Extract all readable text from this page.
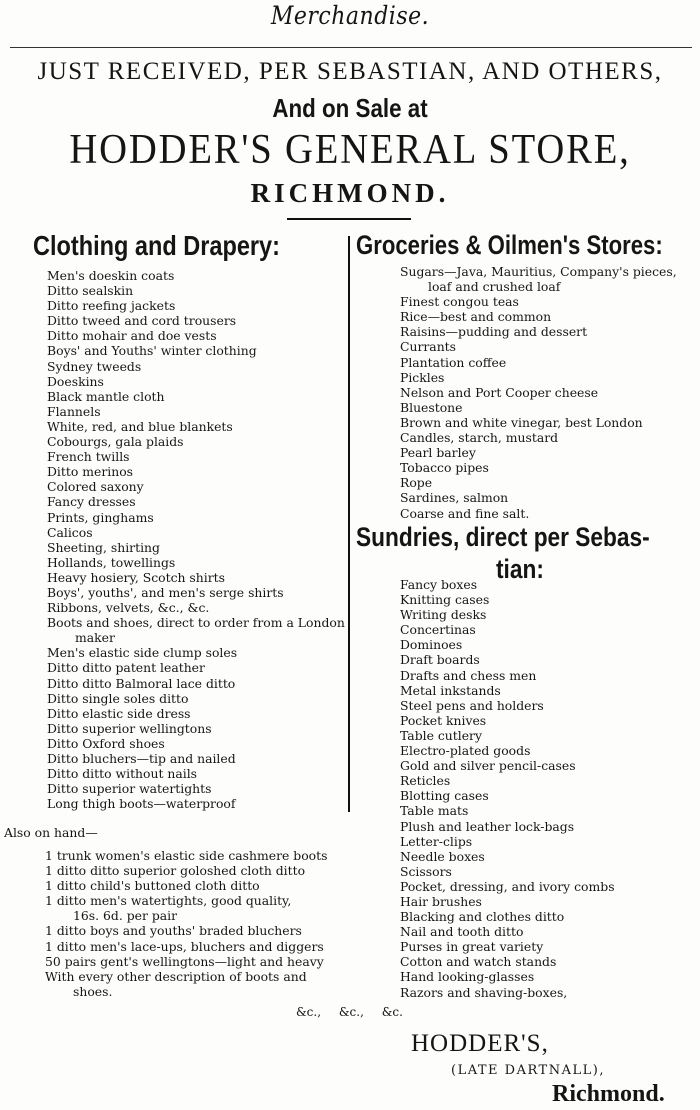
Merchandise.
JUST RECEIVED, PER SEBASTIAN, AND OTHERS,
And on Sale at
HODDER'S GENERAL STORE,
RICHMOND.
Clothing and Drapery:
Men's doeskin coats
Ditto sealskin
Ditto reefing jackets
Ditto tweed and cord trousers
Ditto mohair and doe vests
Boys' and Youths' winter clothing
Sydney tweeds
Doeskins
Black mantle cloth
Flannels
White, red, and blue blankets
Cobourgs, gala plaids
French twills
Ditto merinos
Colored saxony
Fancy dresses
Prints, ginghams
Calicos
Sheeting, shirting
Hollands, towellings
Heavy hosiery, Scotch shirts
Boys', youths', and men's serge shirts
Ribbons, velvets, &c., &c.
Boots and shoes, direct to order from a London
maker
Men's elastic side clump soles
Ditto ditto patent leather
Ditto ditto Balmoral lace ditto
Ditto single soles ditto
Ditto elastic side dress
Ditto superior wellingtons
Ditto Oxford shoes
Ditto bluchers—tip and nailed
Ditto ditto without nails
Ditto superior watertights
Long thigh boots—waterproof
Also on hand—
1 trunk women's elastic side cashmere boots
1 ditto ditto superior goloshed cloth ditto
1 ditto child's buttoned cloth ditto
1 ditto men's watertights, good quality,
16s. 6d. per pair
1 ditto boys and youths' braded bluchers
1 ditto men's lace-ups, bluchers and diggers
50 pairs gent's wellingtons—light and heavy
With every other description of boots and
shoes.
Groceries & Oilmen's Stores:
Sugars—Java, Mauritius, Company's pieces,
loaf and crushed loaf
Finest congou teas
Rice—best and common
Raisins—pudding and dessert
Currants
Plantation coffee
Pickles
Nelson and Port Cooper cheese
Bluestone
Brown and white vinegar, best London
Candles, starch, mustard
Pearl barley
Tobacco pipes
Rope
Sardines, salmon
Coarse and fine salt.
Sundries, direct per Sebas-
tian:
Fancy boxes
Knitting cases
Writing desks
Concertinas
Dominoes
Draft boards
Drafts and chess men
Metal inkstands
Steel pens and holders
Pocket knives
Table cutlery
Electro-plated goods
Gold and silver pencil-cases
Reticles
Blotting cases
Table mats
Plush and leather lock-bags
Letter-clips
Needle boxes
Scissors
Pocket, dressing, and ivory combs
Hair brushes
Blacking and clothes ditto
Nail and tooth ditto
Purses in great variety
Cotton and watch stands
Hand looking-glasses
Razors and shaving-boxes,
&c., &c., &c.
HODDER'S,
(LATE DARTNALL),
Richmond.
